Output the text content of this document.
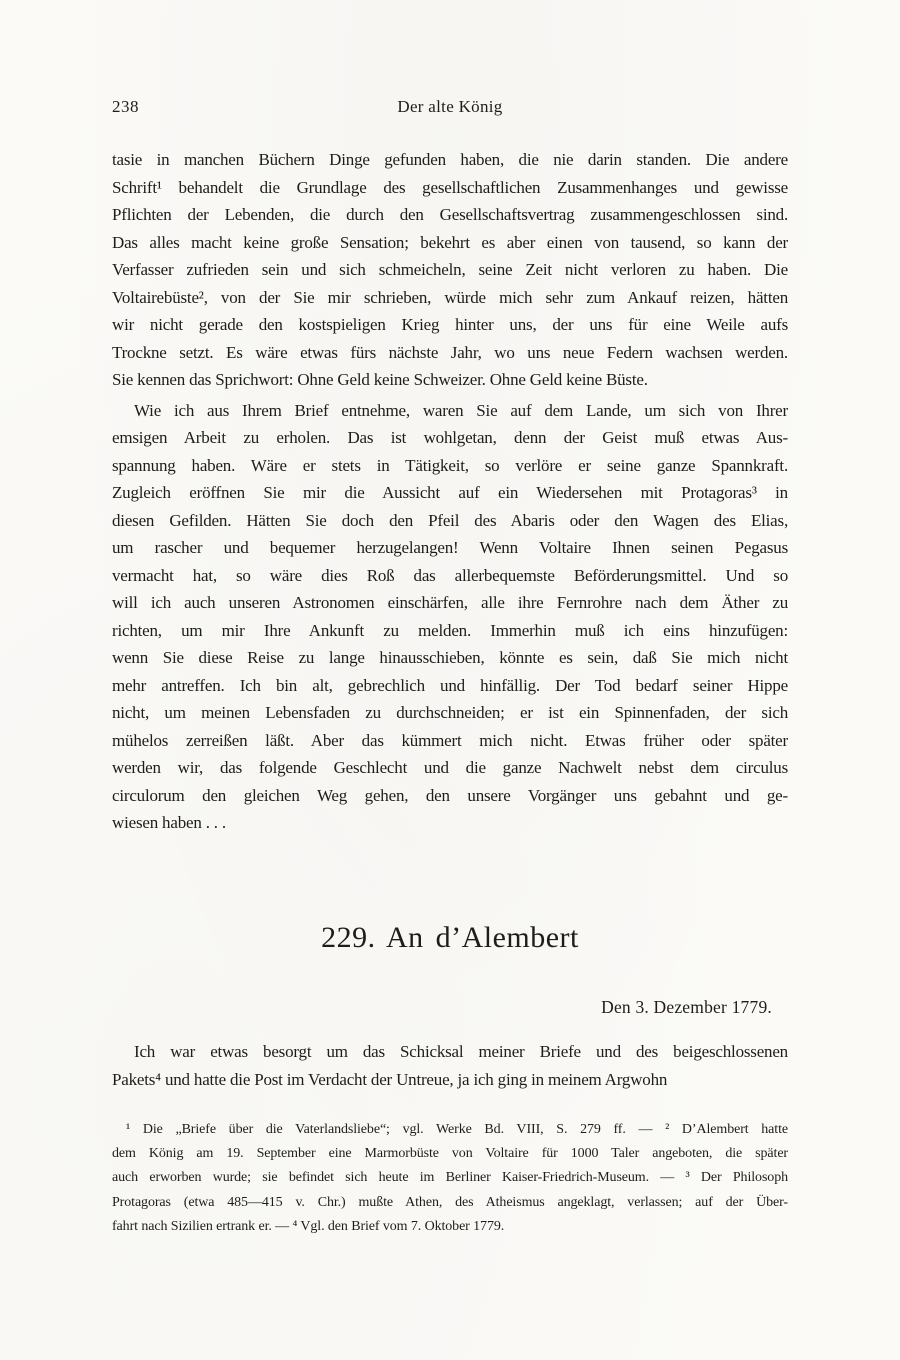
238	Der alte König
tasie in manchen Büchern Dinge gefunden haben, die nie darin standen. Die andere
Schrift¹ behandelt die Grundlage des gesellschaftlichen Zusammenhanges und gewisse
Pflichten der Lebenden, die durch den Gesellschaftsvertrag zusammengeschlossen sind.
Das alles macht keine große Sensation; bekehrt es aber einen von tausend, so kann der
Verfasser zufrieden sein und sich schmeicheln, seine Zeit nicht verloren zu haben. Die
Voltairebüste², von der Sie mir schrieben, würde mich sehr zum Ankauf reizen, hätten
wir nicht gerade den kostspieligen Krieg hinter uns, der uns für eine Weile aufs
Trockne setzt. Es wäre etwas fürs nächste Jahr, wo uns neue Federn wachsen werden.
Sie kennen das Sprichwort: Ohne Geld keine Schweizer. Ohne Geld keine Büste.
Wie ich aus Ihrem Brief entnehme, waren Sie auf dem Lande, um sich von Ihrer
emsigen Arbeit zu erholen. Das ist wohlgetan, denn der Geist muß etwas Aus-
spannung haben. Wäre er stets in Tätigkeit, so verlöre er seine ganze Spannkraft.
Zugleich eröffnen Sie mir die Aussicht auf ein Wiedersehen mit Protagoras³ in
diesen Gefilden. Hätten Sie doch den Pfeil des Abaris oder den Wagen des Elias,
um rascher und bequemer herzugelangen! Wenn Voltaire Ihnen seinen Pegasus
vermacht hat, so wäre dies Roß das allerbequemste Beförderungsmittel. Und so
will ich auch unseren Astronomen einschärfen, alle ihre Fernrohre nach dem Äther zu
richten, um mir Ihre Ankunft zu melden. Immerhin muß ich eins hinzufügen:
wenn Sie diese Reise zu lange hinausschieben, könnte es sein, daß Sie mich nicht
mehr antreffen. Ich bin alt, gebrechlich und hinfällig. Der Tod bedarf seiner Hippe
nicht, um meinen Lebensfaden zu durchschneiden; er ist ein Spinnenfaden, der sich
mühelos zerreißen läßt. Aber das kümmert mich nicht. Etwas früher oder später
werden wir, das folgende Geschlecht und die ganze Nachwelt nebst dem circulus
circulorum den gleichen Weg gehen, den unsere Vorgänger uns gebahnt und ge-
wiesen haben . . .
229. An d’Alembert
Den 3. Dezember 1779.
Ich war etwas besorgt um das Schicksal meiner Briefe und des beigeschlossenen
Pakets⁴ und hatte die Post im Verdacht der Untreue, ja ich ging in meinem Argwohn
¹ Die „Briefe über die Vaterlandsliebe“; vgl. Werke Bd. VIII, S. 279 ff. — ² D’Alembert hatte
dem König am 19. September eine Marmorbüste von Voltaire für 1000 Taler angeboten, die später
auch erworben wurde; sie befindet sich heute im Berliner Kaiser-Friedrich-Museum. — ³ Der Philosoph
Protagoras (etwa 485—415 v. Chr.) mußte Athen, des Atheismus angeklagt, verlassen; auf der Über-
fahrt nach Sizilien ertrank er. — ⁴ Vgl. den Brief vom 7. Oktober 1779.
